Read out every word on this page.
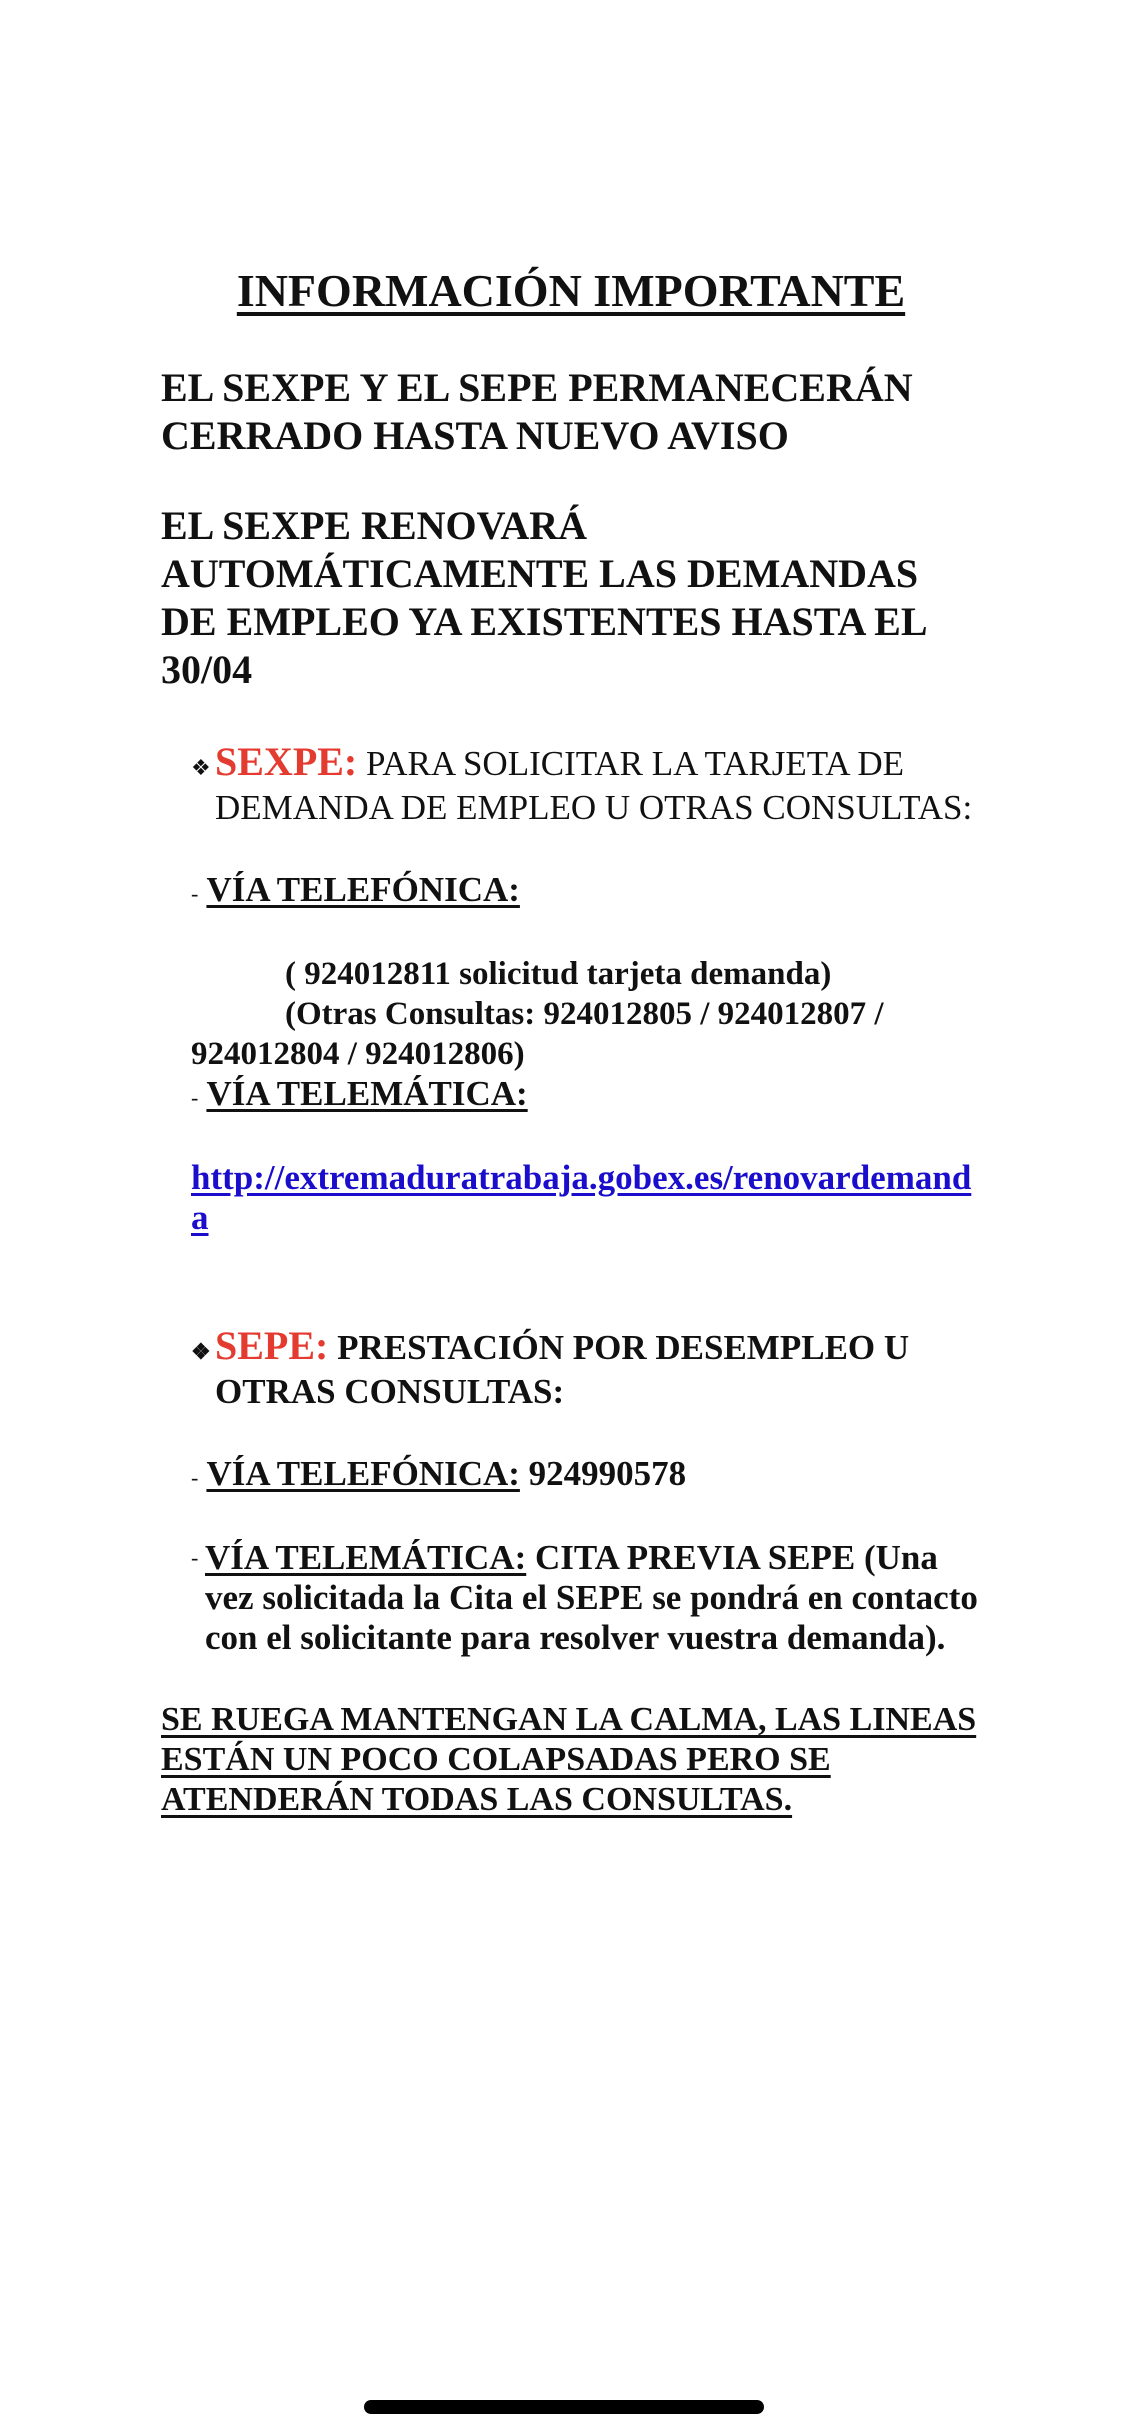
INFORMACIÓN IMPORTANTE
EL SEXPE Y EL SEPE PERMANECERÁN CERRADO HASTA NUEVO AVISO
EL SEXPE RENOVARÁ AUTOMÁTICAMENTE LAS DEMANDAS DE EMPLEO YA EXISTENTES HASTA EL 30/04
❖ SEXPE: PARA SOLICITAR LA TARJETA DE DEMANDA DE EMPLEO U OTRAS CONSULTAS:
- VÍA TELEFÓNICA:
( 924012811 solicitud tarjeta demanda)
(Otras Consultas: 924012805 / 924012807 /
924012804 / 924012806)
- VÍA TELEMÁTICA:
http://extremaduratrabaja.gobex.es/renovardemanda
❖ SEPE: PRESTACIÓN POR DESEMPLEO U OTRAS CONSULTAS:
- VÍA TELEFÓNICA: 924990578
- VÍA TELEMÁTICA: CITA PREVIA SEPE (Una vez solicitada la Cita el SEPE se pondrá en contacto con el solicitante para resolver vuestra demanda).
SE RUEGA MANTENGAN LA CALMA, LAS LINEAS ESTÁN UN POCO COLAPSADAS PERO SE ATENDERÁN TODAS LAS CONSULTAS.
